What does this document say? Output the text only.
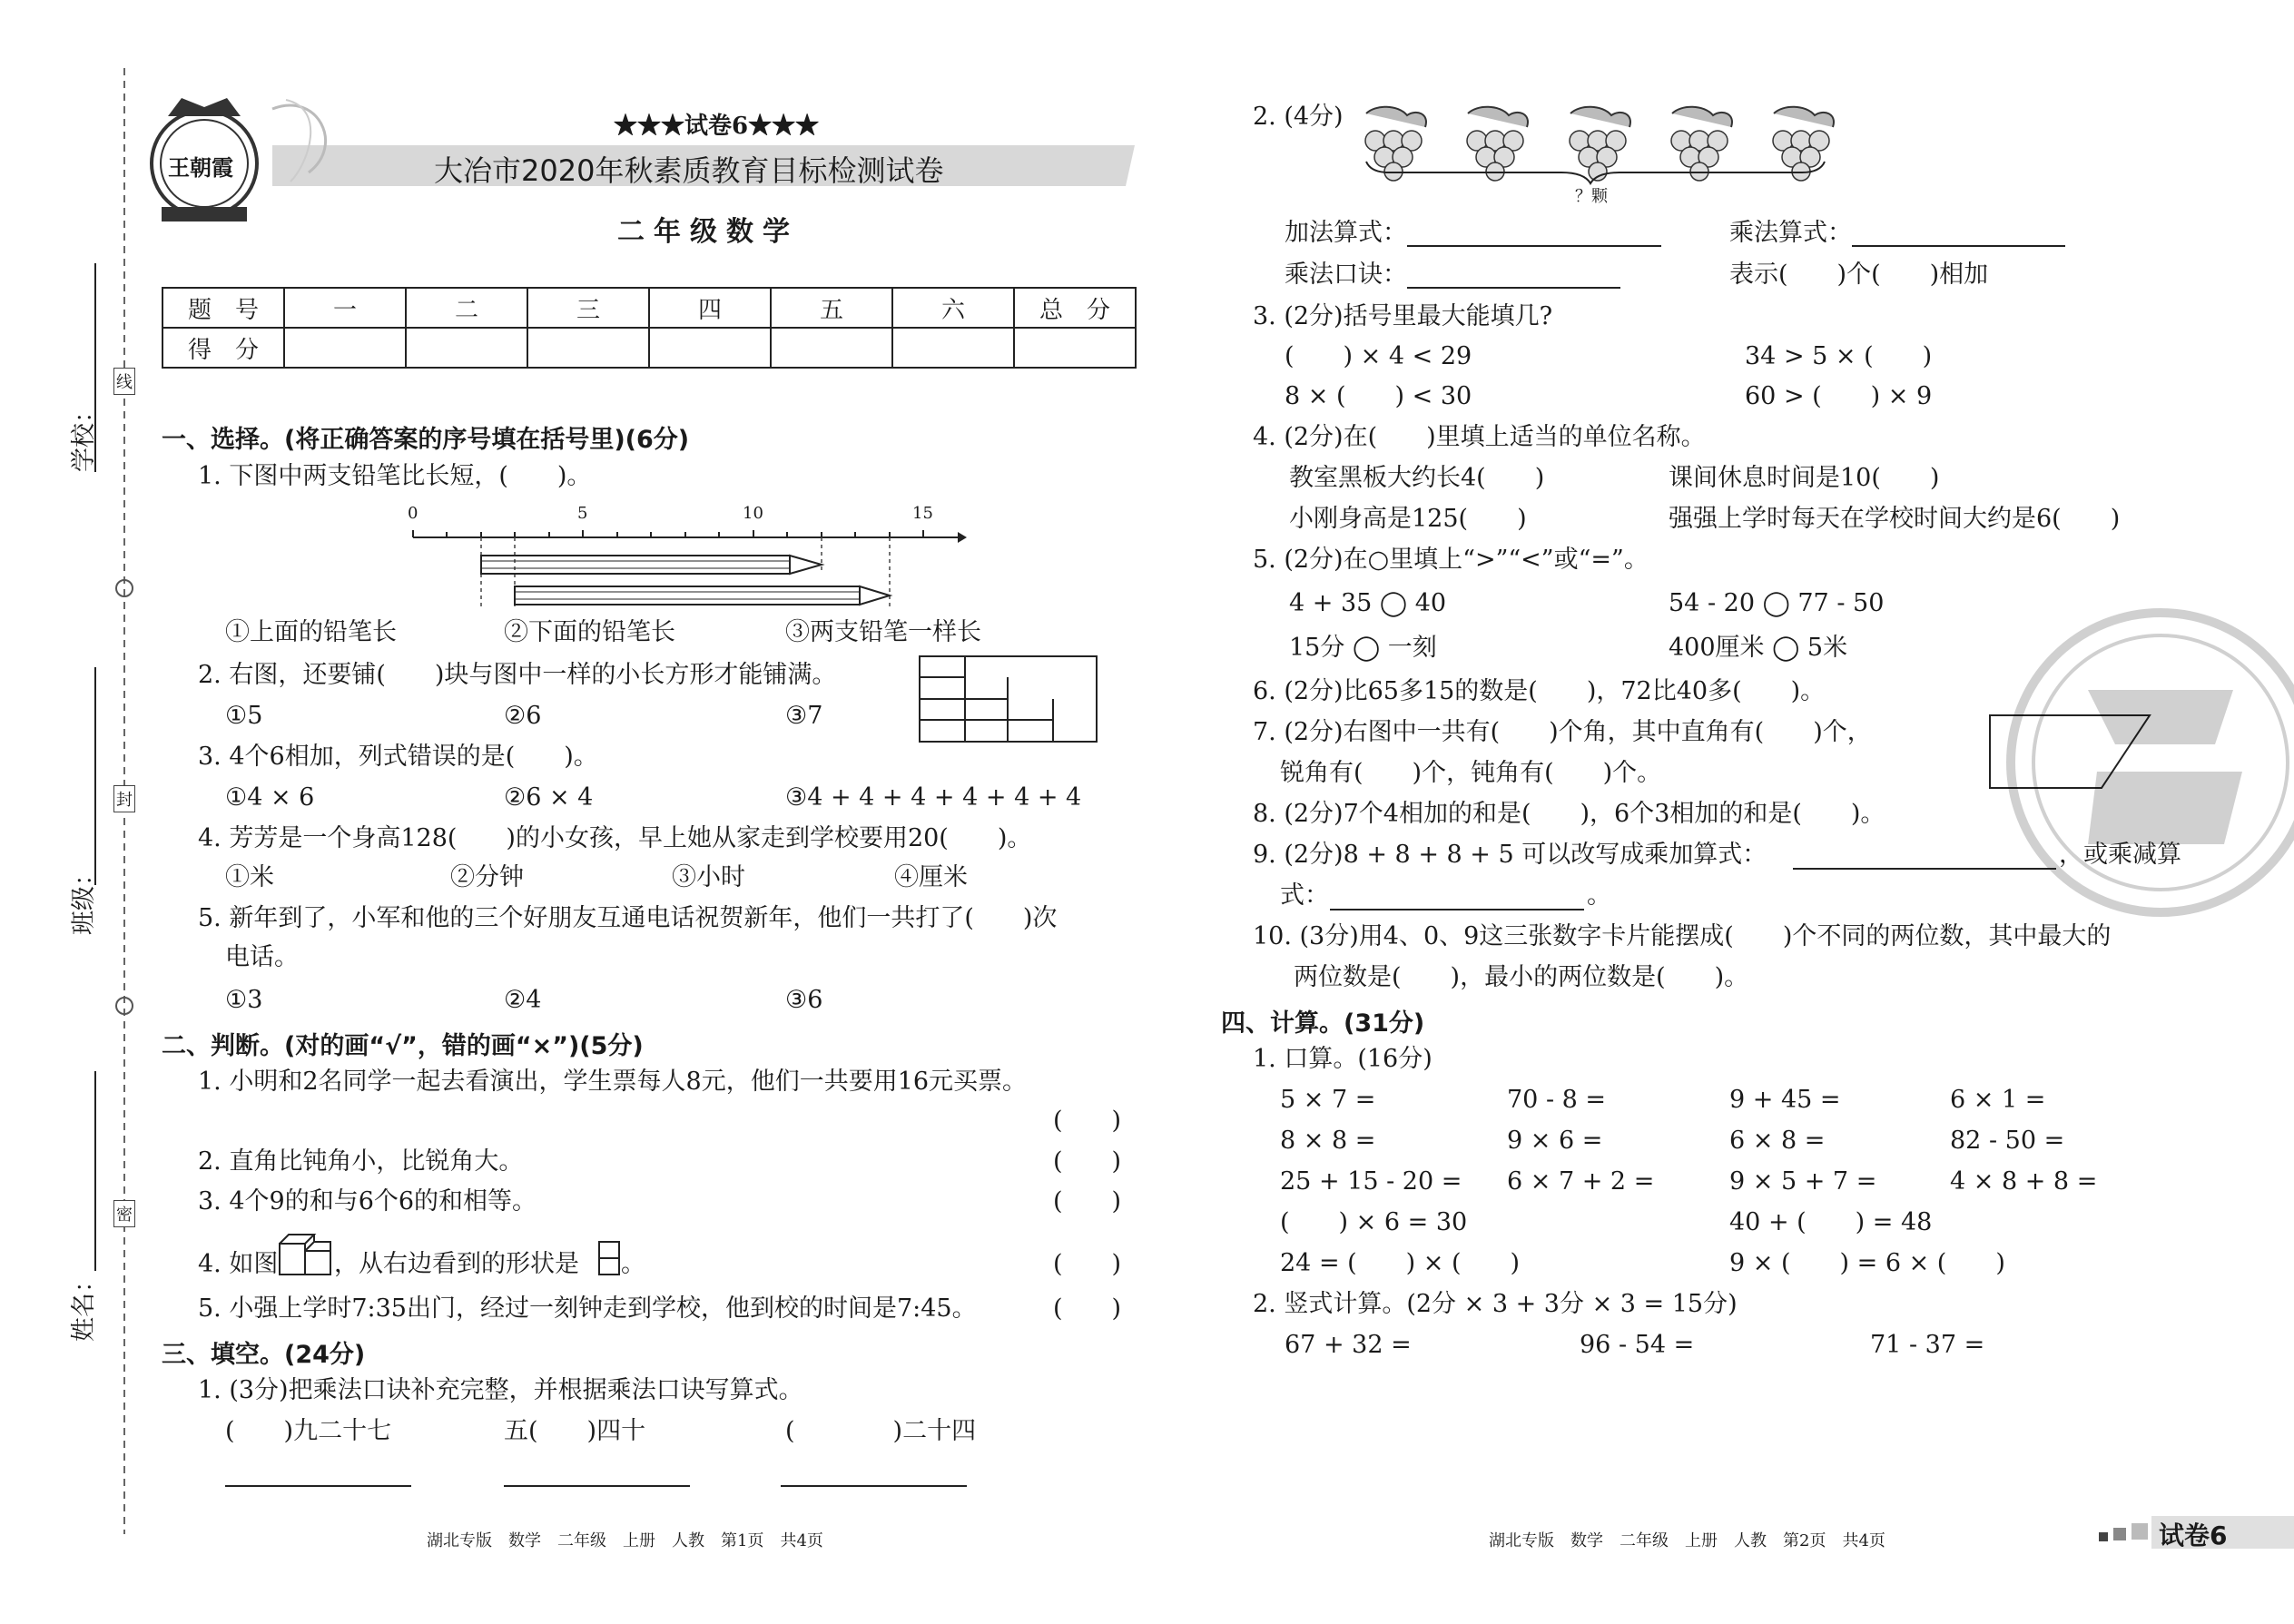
★★★试卷6★★★
大冶市2020年秋素质教育目标检测试卷
二年级数学
王朝霞
题　号	一	二	三	四	五	六	总　分
得　分							
学校：
班级：
姓名：
线
封
密
一、选择。(将正确答案的序号填在括号里)(6分)
1. 下图中两支铅笔比长短，(　　)。
0	5	10	15
①上面的铅笔长	②下面的铅笔长	③两支铅笔一样长
2. 右图，还要铺(　　)块与图中一样的小长方形才能铺满。
①5	②6	③7
3. 4个6相加，列式错误的是(　　)。
①4 × 6	②6 × 4	③4 + 4 + 4 + 4 + 4 + 4
4. 芳芳是一个身高128(　　)的小女孩，早上她从家走到学校要用20(　　)。
①米	②分钟	③小时	④厘米
5. 新年到了，小军和他的三个好朋友互通电话祝贺新年，他们一共打了(　　)次
电话。
①3	②4	③6
二、判断。(对的画“√”，错的画“×”)(5分)
1. 小明和2名同学一起去看演出，学生票每人8元，他们一共要用16元买票。
(　　)
2. 直角比钝角小，比锐角大。	(　　)
3. 4个9的和与6个6的和相等。	(　　)
4. 如图 ，从右边看到的形状是 。	(　　)
5. 小强上学时7:35出门，经过一刻钟走到学校，他到校的时间是7:45。	(　　)
三、填空。(24分)
1. (3分)把乘法口诀补充完整，并根据乘法口诀写算式。
(　　)九二十七	五(　　)四十	(　　　　)二十四
湖北专版　数学　二年级　上册　人教　第1页　共4页
2. (4分)
？颗
加法算式：	乘法算式：
乘法口诀：	表示(　　)个(　　)相加
3. (2分)括号里最大能填几?
(　　) × 4 < 29	34 > 5 × (　　)
8 × (　　) < 30	60 > (　　) × 9
4. (2分)在(　　)里填上适当的单位名称。
教室黑板大约长4(　　)	课间休息时间是10(　　)
小刚身高是125(　　)	强强上学时每天在学校时间大约是6(　　)
5. (2分)在○里填上“>”“<”或“=”。
4 + 35 ◯ 40	54 - 20 ◯ 77 - 50
15分 ◯ 一刻	400厘米 ◯ 5米
6. (2分)比65多15的数是(　　)，72比40多(　　)。
7. (2分)右图中一共有(　　)个角，其中直角有(　　)个，
锐角有(　　)个，钝角有(　　)个。
8. (2分)7个4相加的和是(　　)，6个3相加的和是(　　)。
9. (2分)8 + 8 + 8 + 5 可以改写成乘加算式：	，或乘减算
式：	。
10. (3分)用4、0、9这三张数字卡片能摆成(　　)个不同的两位数，其中最大的
两位数是(　　)，最小的两位数是(　　)。
四、计算。(31分)
1. 口算。(16分)
5 × 7 =	70 - 8 =	9 + 45 =	6 × 1 =
8 × 8 =	9 × 6 =	6 × 8 =	82 - 50 =
25 + 15 - 20 = 6 × 7 + 2 =	9 × 5 + 7 =	4 × 8 + 8 =
(　　) × 6 = 30	40 + (　　) = 48
24 = (　　) × (　　)	9 × (　　) = 6 × (　　)
2. 竖式计算。(2分 × 3 + 3分 × 3 = 15分)
67 + 32 =	96 - 54 =	71 - 37 =
湖北专版　数学　二年级　上册　人教　第2页　共4页	试卷6
